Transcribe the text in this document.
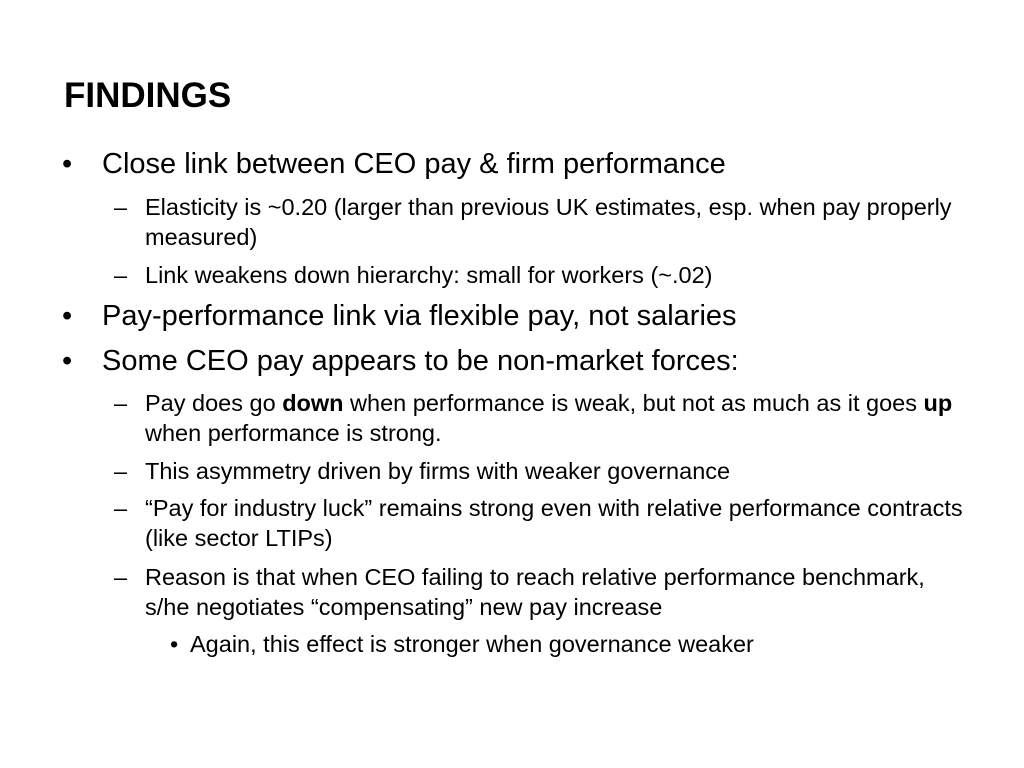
FINDINGS
• Close link between CEO pay & firm performance
– Elasticity is ~0.20 (larger than previous UK estimates, esp. when pay properly measured)
– Link weakens down hierarchy: small for workers (~.02)
• Pay-performance link via flexible pay, not salaries
• Some CEO pay appears to be non-market forces:
– Pay does go down when performance is weak, but not as much as it goes up when performance is strong.
– This asymmetry driven by firms with weaker governance
– “Pay for industry luck” remains strong even with relative performance contracts (like sector LTIPs)
– Reason is that when CEO failing to reach relative performance benchmark, s/he negotiates “compensating” new pay increase
• Again, this effect is stronger when governance weaker
